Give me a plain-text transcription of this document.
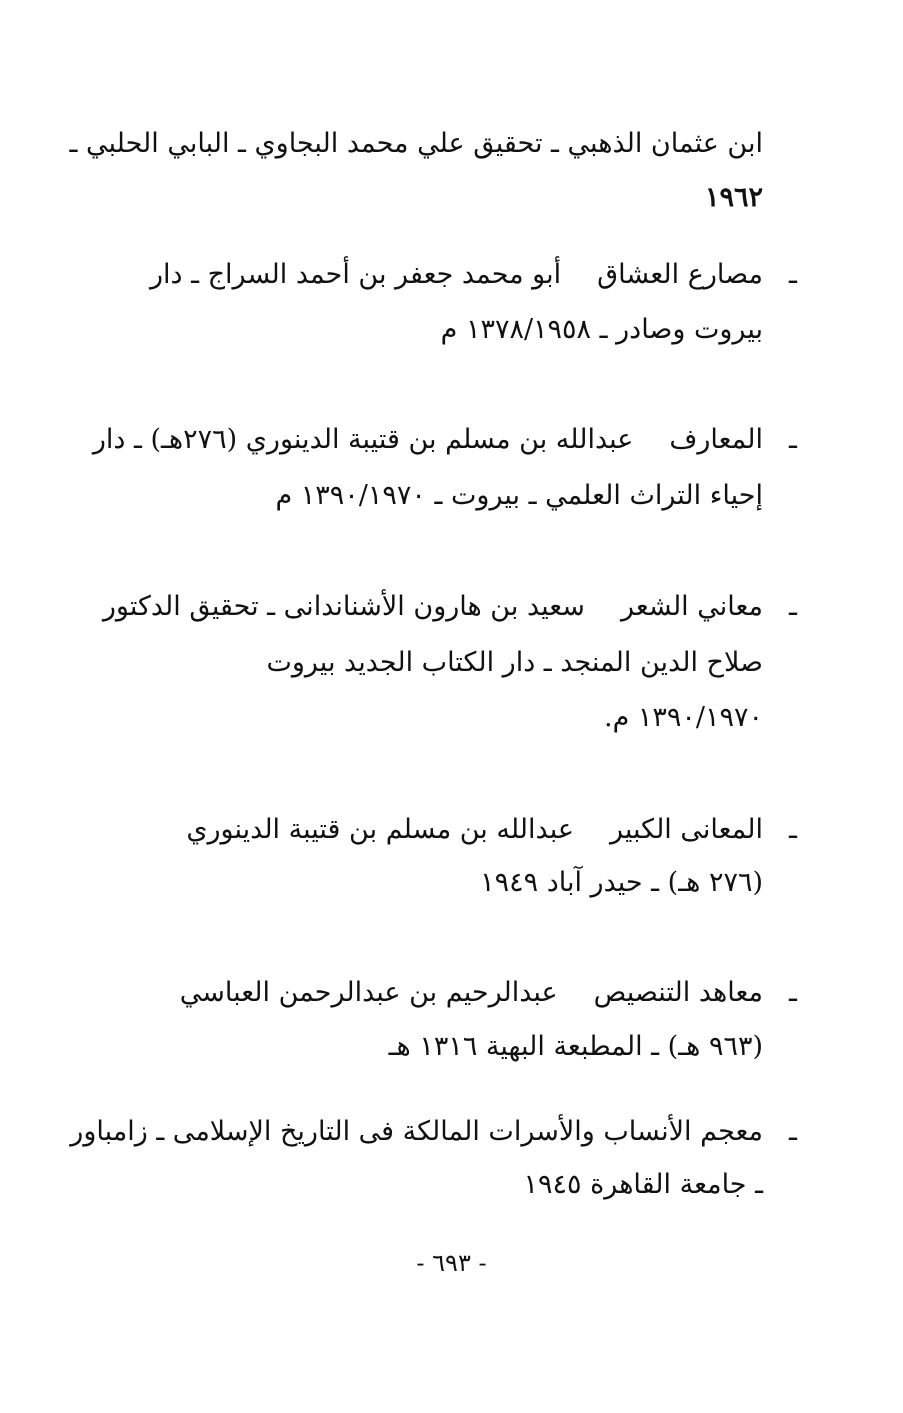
ابن عثمان الذهبي ـ تحقيق علي محمد البجاوي ـ البابي الحلبي ـ
١٩٦٢
ـ
مصارع العشاقأبو محمد جعفر بن أحمد السراج ـ دار
بيروت وصادر ـ ١٣٧٨/١٩٥٨ م
ـ
المعارفعبدالله بن مسلم بن قتيبة الدينوري (٢٧٦هـ) ـ دار
إحياء التراث العلمي ـ بيروت ـ ١٣٩٠/١٩٧٠ م
ـ
معاني الشعرسعيد بن هارون الأشناندانى ـ تحقيق الدكتور
صلاح الدين المنجد ـ دار الكتاب الجديد بيروت
١٣٩٠/١٩٧٠ م.
ـ
المعانى الكبيرعبدالله بن مسلم بن قتيبة الدينوري
(٢٧٦ هـ) ـ حيدر آباد ١٩٤٩
ـ
معاهد التنصيصعبدالرحيم بن عبدالرحمن العباسي
(٩٦٣ هـ) ـ المطبعة البهية ١٣١٦ هـ
ـ
معجم الأنساب والأسرات المالكة فى التاريخ الإسلامى ـ زامباور
ـ جامعة القاهرة ١٩٤٥
- ٦٩٣ -
